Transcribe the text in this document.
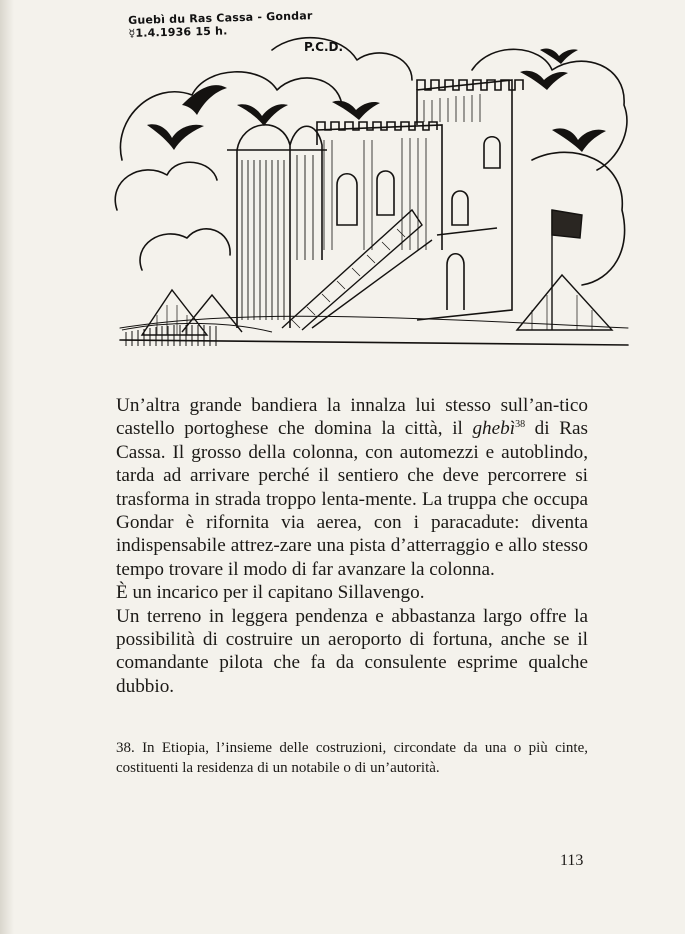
Guebì du Ras Cassa - Gondar
☿1.4.1936 15 h.
P.C.D.

Un’altra grande bandiera la innalza lui stesso sull’an-tico castello portoghese che domina la città, il ghebì$^{38}$ di Ras Cassa. Il grosso della colonna, con automezzi e autoblindo, tarda ad arrivare perché il sentiero che deve percorrere si trasforma in strada troppo lenta-mente. La truppa che occupa Gondar è rifornita via aerea, con i paracadute: diventa indispensabile attrez-zare una pista d’atterraggio e allo stesso tempo trovare il modo di far avanzare la colonna.

È un incarico per il capitano Sillavengo.

Un terreno in leggera pendenza e abbastanza largo offre la possibilità di costruire un aeroporto di fortuna, anche se il comandante pilota che fa da consulente esprime qualche dubbio.

38. In Etiopia, l’insieme delle costruzioni, circondate da una o più cinte, costituenti la residenza di un notabile o di un’autorità.
113
